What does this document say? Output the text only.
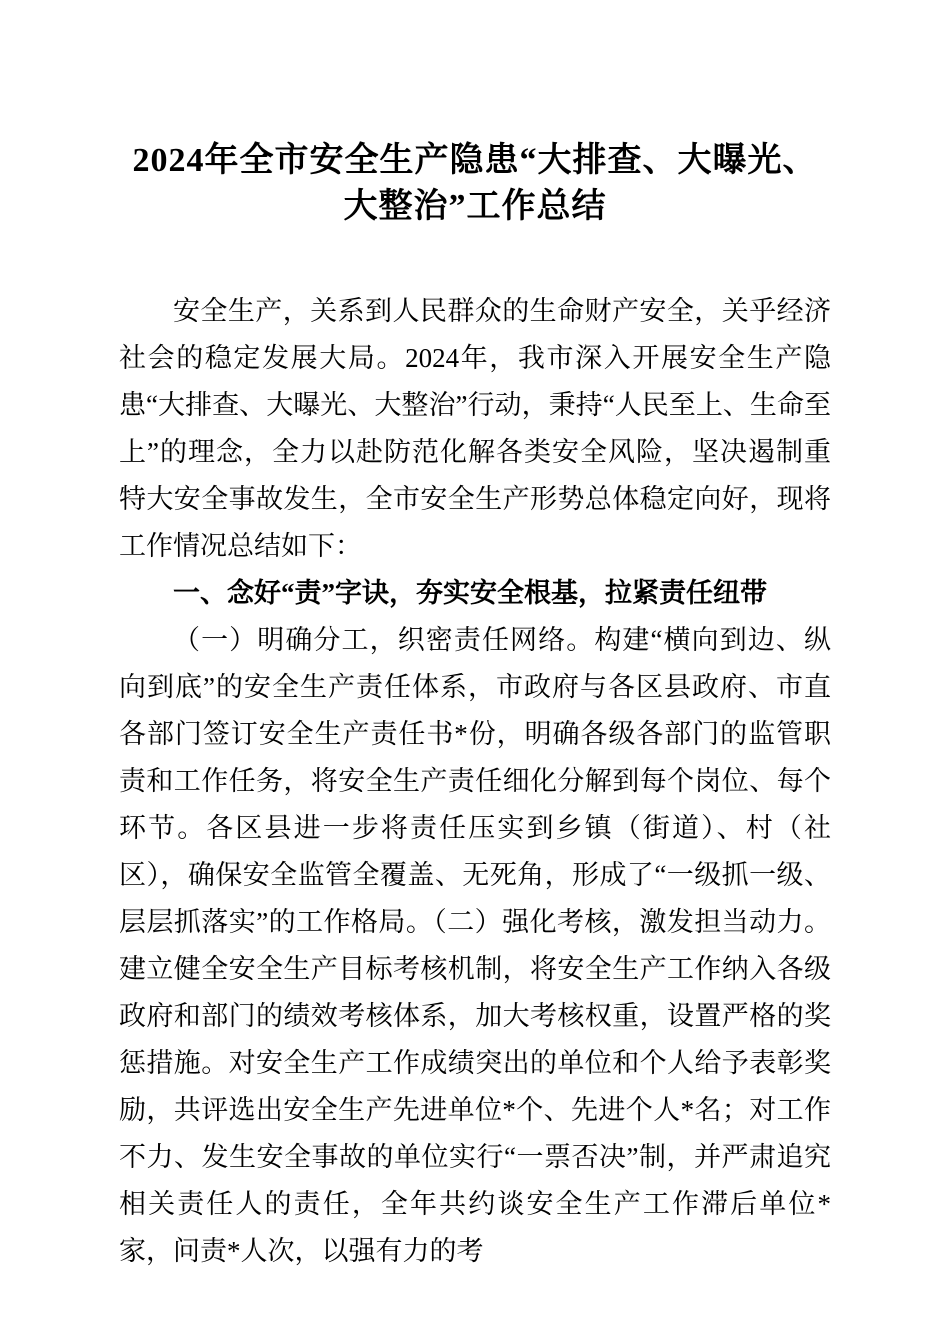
2024年全市安全生产隐患“大排查、大曝光、大整治”工作总结

安全生产，关系到人民群众的生命财产安全，关乎经济社会的稳定发展大局。2024年，我市深入开展安全生产隐患“大排查、大曝光、大整治”行动，秉持“人民至上、生命至上”的理念，全力以赴防范化解各类安全风险，坚决遏制重特大安全事故发生，全市安全生产形势总体稳定向好，现将工作情况总结如下：

一、念好“责”字诀，夯实安全根基，拉紧责任纽带

（一）明确分工，织密责任网络。构建“横向到边、纵向到底”的安全生产责任体系，市政府与各区县政府、市直各部门签订安全生产责任书*份，明确各级各部门的监管职责和工作任务，将安全生产责任细化分解到每个岗位、每个环节。各区县进一步将责任压实到乡镇（街道）、村（社区），确保安全监管全覆盖、无死角，形成了“一级抓一级、层层抓落实”的工作格局。（二）强化考核，激发担当动力。建立健全安全生产目标考核机制，将安全生产工作纳入各级政府和部门的绩效考核体系，加大考核权重，设置严格的奖惩措施。对安全生产工作成绩突出的单位和个人给予表彰奖励，共评选出安全生产先进单位*个、先进个人*名；对工作不力、发生安全事故的单位实行“一票否决”制，并严肃追究相关责任人的责任，全年共约谈安全生产工作滞后单位*家，问责*人次，以强有力的考
